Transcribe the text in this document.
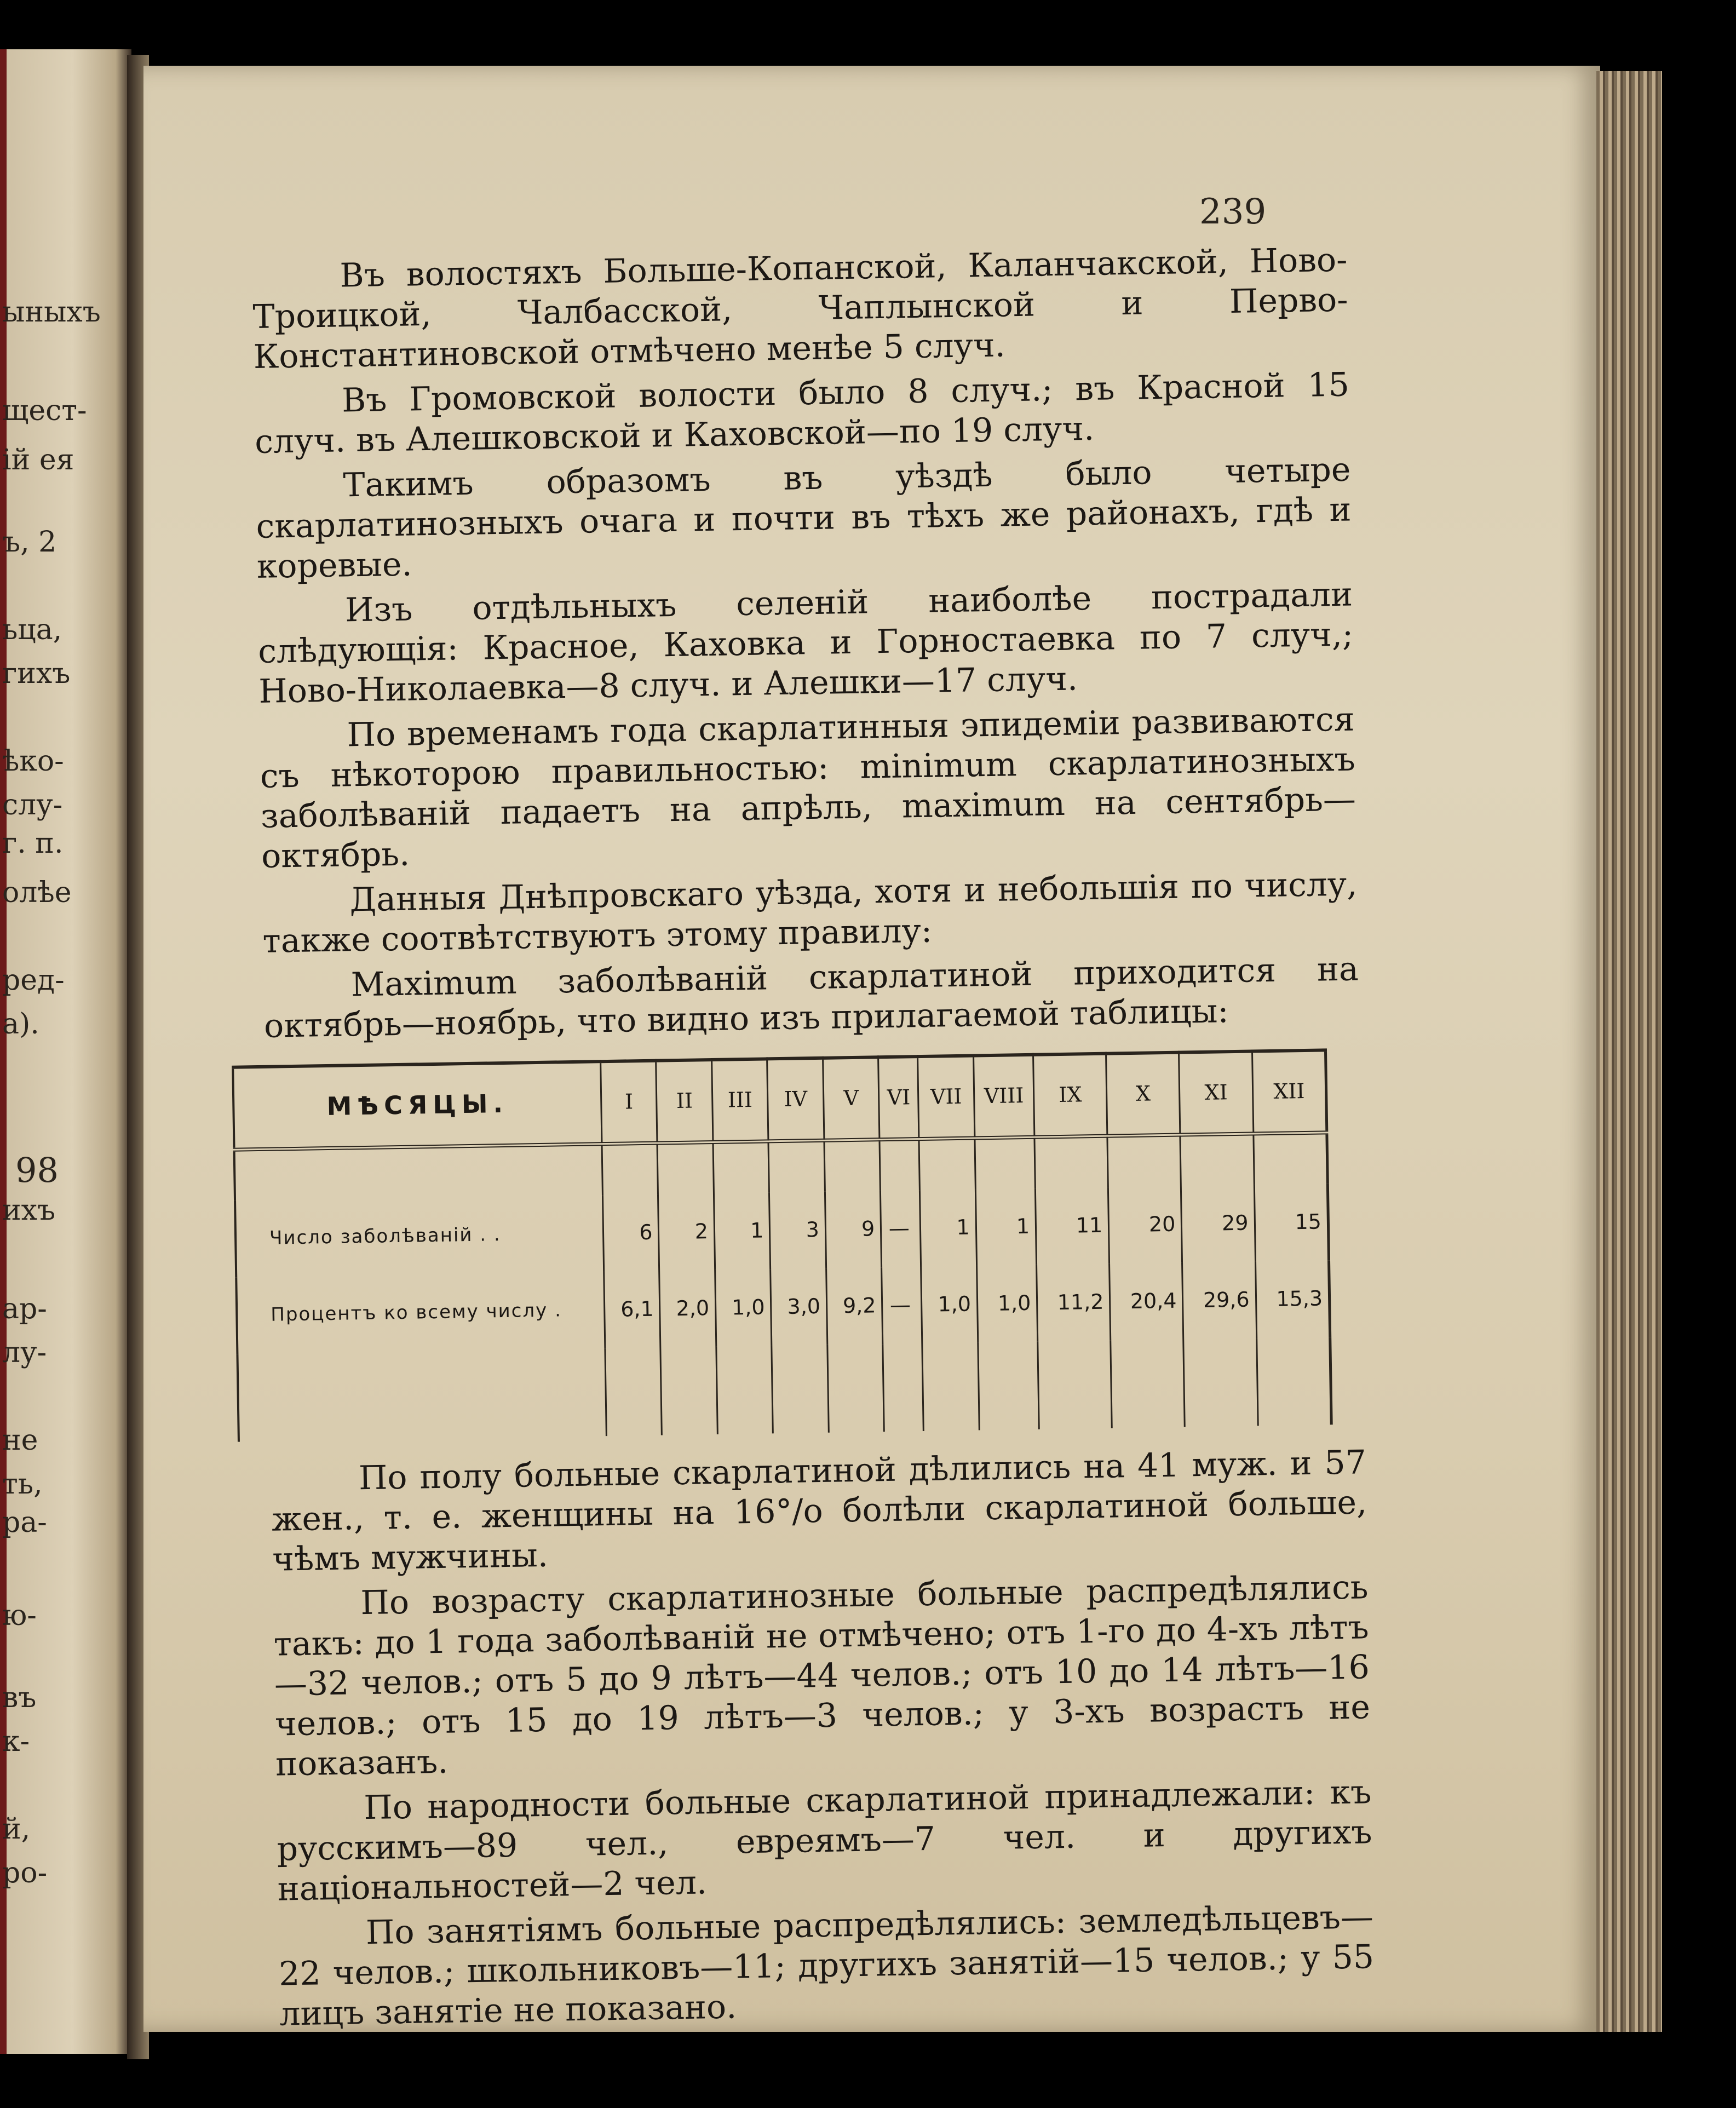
ыныхъ
щест-
ій ея
ъ, 2
ьца,
гихъ
ѣко-
слу-
г. п.
олѣе
ред-
а).
98
ихъ
ар-
лу-
не
ть,
ра-
ю-
въ
к-
й,
ро-
239

Въ волостяхъ Больше-Копанской, Каланчакской, Ново-Троицкой, Чалбасской, Чаплынской и Перво-Константиновской отмѣчено менѣе 5 случ.

Въ Громовской волости было 8 случ.; въ Красной 15 случ. въ Алешковской и Каховской—по 19 случ.

Такимъ образомъ въ уѣздѣ было четыре скарлатинозныхъ очага и почти въ тѣхъ же районахъ, гдѣ и коревые.

Изъ отдѣльныхъ селеній наиболѣе пострадали слѣдующія: Красное, Каховка и Горностаевка по 7 случ,; Ново-Николаевка—8 случ. и Алешки—17 случ.

По временамъ года скарлатинныя эпидеміи развиваются съ нѣкоторою правильностью: minimum скарлатинозныхъ заболѣваній падаетъ на апрѣль, maximum на сентябрь—октябрь.

Данныя Днѣпровскаго уѣзда, хотя и небольшія по числу, также соотвѣтствуютъ этому правилу:

Maximum заболѣваній скарлатиной приходится на октябрь—ноябрь, что видно изъ прилагаемой таблицы:

МѢСЯЦЫ.	I	II	III	IV	V	VI	VII	VIII	IX	X	XI	XII

Число заболѣваній . .	6	2	1	3	9	—	1	1	11	20	29	15
Процентъ ко всему числу .	6,1	2,0	1,0	3,0	9,2	—	1,0	1,0	11,2	20,4	29,6	15,3

По полу больные скарлатиной дѣлились на 41 муж. и 57 жен., т. е. женщины на 16°/о болѣли скарлатиной больше, чѣмъ мужчины.

По возрасту скарлатинозные больные распредѣлялись такъ: до 1 года заболѣваній не отмѣчено; отъ 1-го до 4-хъ лѣтъ—32 челов.; отъ 5 до 9 лѣтъ—44 челов.; отъ 10 до 14 лѣтъ—16 челов.; отъ 15 до 19 лѣтъ—3 челов.; у 3-хъ возрастъ не показанъ.

По народности больные скарлатиной принадлежали: къ русскимъ—89 чел., евреямъ—7 чел. и другихъ національностей—2 чел.

По занятіямъ больные распредѣлялись: земледѣльцевъ—22 челов.; школьниковъ—11; другихъ занятій—15 челов.; у 55 лицъ занятіе не показано.
